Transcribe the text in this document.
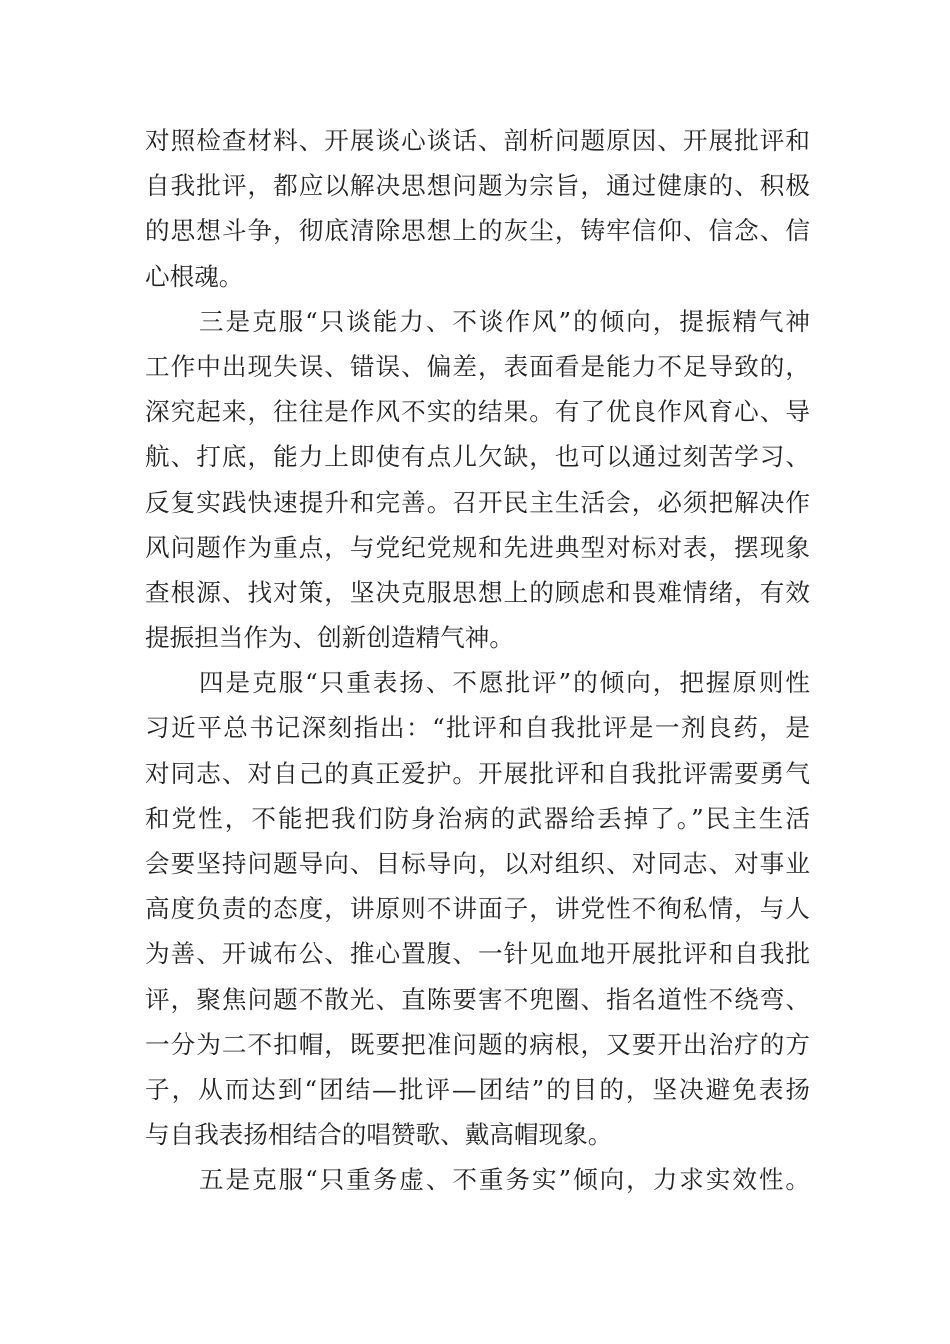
对照检查材料、开展谈心谈话、剖析问题原因、开展批评和
自我批评，都应以解决思想问题为宗旨，通过健康的、积极
的思想斗争，彻底清除思想上的灰尘，铸牢信仰、信念、信
心根魂。
三是克服“只谈能力、不谈作风”的倾向，提振精气神
工作中出现失误、错误、偏差，表面看是能力不足导致的，
深究起来，往往是作风不实的结果。有了优良作风育心、导
航、打底，能力上即使有点儿欠缺，也可以通过刻苦学习、
反复实践快速提升和完善。召开民主生活会，必须把解决作
风问题作为重点，与党纪党规和先进典型对标对表，摆现象
查根源、找对策，坚决克服思想上的顾虑和畏难情绪，有效
提振担当作为、创新创造精气神。
四是克服“只重表扬、不愿批评”的倾向，把握原则性
习近平总书记深刻指出：“批评和自我批评是一剂良药，是
对同志、对自己的真正爱护。开展批评和自我批评需要勇气
和党性，不能把我们防身治病的武器给丢掉了。”民主生活
会要坚持问题导向、目标导向，以对组织、对同志、对事业
高度负责的态度，讲原则不讲面子，讲党性不徇私情，与人
为善、开诚布公、推心置腹、一针见血地开展批评和自我批
评，聚焦问题不散光、直陈要害不兜圈、指名道性不绕弯、
一分为二不扣帽，既要把准问题的病根，又要开出治疗的方
子，从而达到“团结—批评—团结”的目的，坚决避免表扬
与自我表扬相结合的唱赞歌、戴高帽现象。
五是克服“只重务虚、不重务实”倾向，力求实效性。
